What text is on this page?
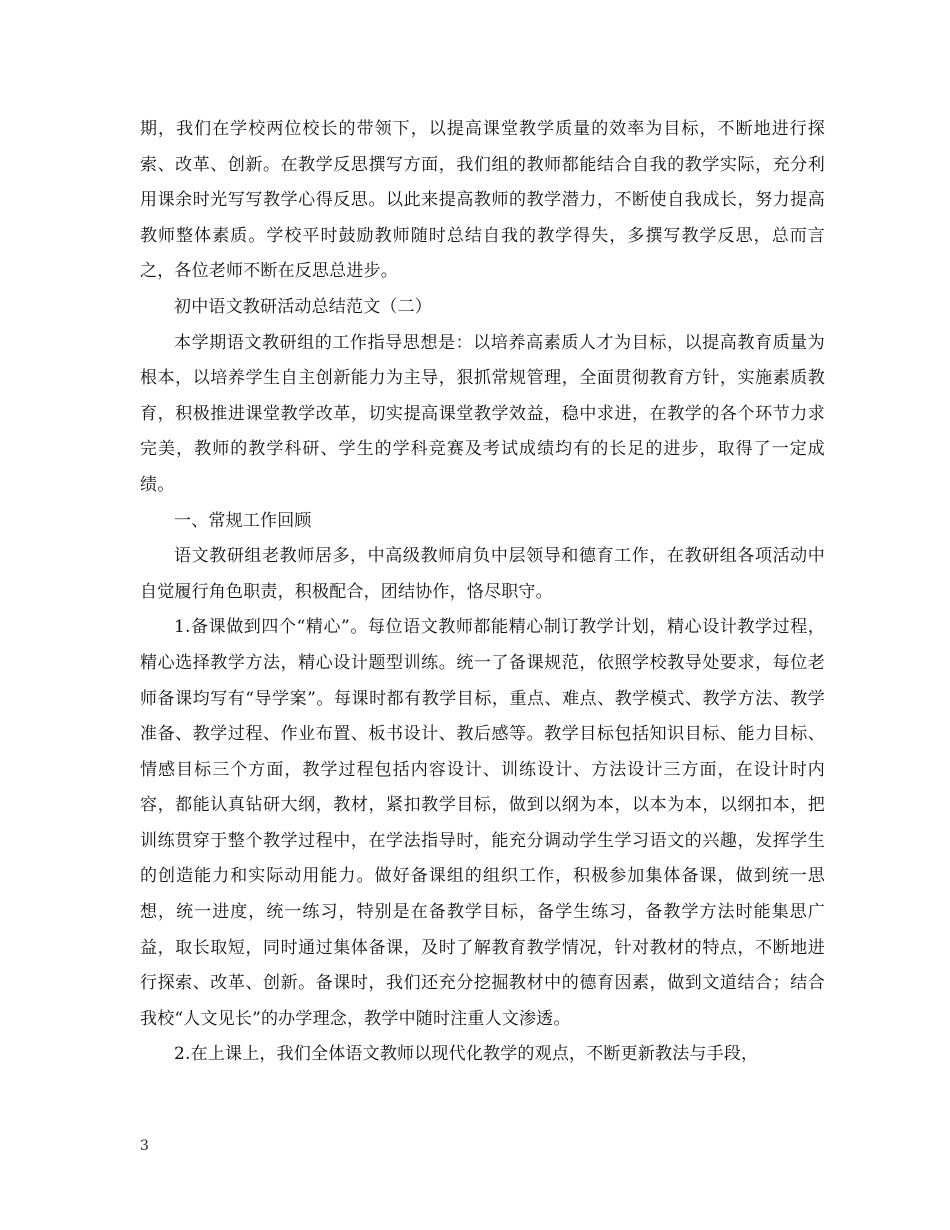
期，我们在学校两位校长的带领下，以提高课堂教学质量的效率为目标，不断地进行探索、改革、创新。在教学反思撰写方面，我们组的教师都能结合自我的教学实际，充分利用课余时光写写教学心得反思。以此来提高教师的教学潜力，不断使自我成长，努力提高教师整体素质。学校平时鼓励教师随时总结自我的教学得失，多撰写教学反思，总而言之，各位老师不断在反思总进步。

初中语文教研活动总结范文（二）

本学期语文教研组的工作指导思想是：以培养高素质人才为目标，以提高教育质量为根本，以培养学生自主创新能力为主导，狠抓常规管理，全面贯彻教育方针，实施素质教育，积极推进课堂教学改革，切实提高课堂教学效益，稳中求进，在教学的各个环节力求完美，教师的教学科研、学生的学科竞赛及考试成绩均有的长足的进步，取得了一定成绩。

一、常规工作回顾

语文教研组老教师居多，中高级教师肩负中层领导和德育工作，在教研组各项活动中自觉履行角色职责，积极配合，团结协作，恪尽职守。

1.备课做到四个“精心”。每位语文教师都能精心制订教学计划，精心设计教学过程，精心选择教学方法，精心设计题型训练。统一了备课规范，依照学校教导处要求，每位老师备课均写有“导学案”。每课时都有教学目标，重点、难点、教学模式、教学方法、教学准备、教学过程、作业布置、板书设计、教后感等。教学目标包括知识目标、能力目标、情感目标三个方面，教学过程包括内容设计、训练设计、方法设计三方面，在设计时内容，都能认真钻研大纲，教材，紧扣教学目标，做到以纲为本，以本为本，以纲扣本，把训练贯穿于整个教学过程中，在学法指导时，能充分调动学生学习语文的兴趣，发挥学生的创造能力和实际动用能力。做好备课组的组织工作，积极参加集体备课，做到统一思想，统一进度，统一练习，特别是在备教学目标，备学生练习，备教学方法时能集思广益，取长取短，同时通过集体备课，及时了解教育教学情况，针对教材的特点，不断地进行探索、改革、创新。备课时，我们还充分挖掘教材中的德育因素，做到文道结合；结合我校“人文见长”的办学理念，教学中随时注重人文渗透。

2.在上课上，我们全体语文教师以现代化教学的观点，不断更新教法与手段，

3
